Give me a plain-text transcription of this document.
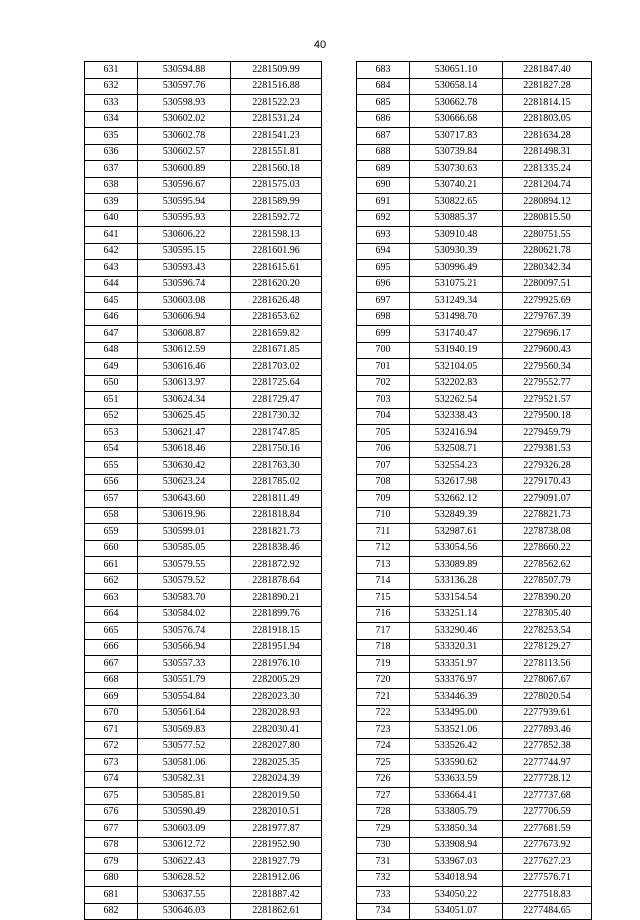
40
631	530594.88	2281509.99
632	530597.76	2281516.88
633	530598.93	2281522.23
634	530602.02	2281531.24
635	530602.78	2281541.23
636	530602.57	2281551.81
637	530600.89	2281560.18
638	530596.67	2281575.03
639	530595.94	2281589.99
640	530595.93	2281592.72
641	530606.22	2281598.13
642	530595.15	2281601.96
643	530593.43	2281615.61
644	530596.74	2281620.20
645	530603.08	2281626.48
646	530606.94	2281653.62
647	530608.87	2281659.82
648	530612.59	2281671.85
649	530616.46	2281703.02
650	530613.97	2281725.64
651	530624.34	2281729.47
652	530625.45	2281730.32
653	530621.47	2281747.85
654	530618.46	2281750.16
655	530630.42	2281763.30
656	530623.24	2281785.02
657	530643.60	2281811.49
658	530619.96	2281818.84
659	530599.01	2281821.73
660	530585.05	2281838.46
661	530579.55	2281872.92
662	530579.52	2281878.64
663	530583.70	2281890.21
664	530584.02	2281899.76
665	530576.74	2281918.15
666	530566.94	2281951.94
667	530557.33	2281976.10
668	530551.79	2282005.29
669	530554.84	2282023.30
670	530561.64	2282028.93
671	530569.83	2282030.41
672	530577.52	2282027.80
673	530581.06	2282025.35
674	530582.31	2282024.39
675	530585.81	2282019.50
676	530590.49	2282010.51
677	530603.09	2281977.87
678	530612.72	2281952.90
679	530622.43	2281927.79
680	530628.52	2281912.06
681	530637.55	2281887.42
682	530646.03	2281862.61
683	530651.10	2281847.40
684	530658.14	2281827.28
685	530662.78	2281814.15
686	530666.68	2281803.05
687	530717.83	2281634.28
688	530739.84	2281498.31
689	530730.63	2281335.24
690	530740.21	2281204.74
691	530822.65	2280894.12
692	530885.37	2280815.50
693	530910.48	2280751.55
694	530930.39	2280621.78
695	530996.49	2280342.34
696	531075.21	2280097.51
697	531249.34	2279925.69
698	531498.70	2279767.39
699	531740.47	2279696.17
700	531940.19	2279600.43
701	532104.05	2279560.34
702	532202.83	2279552.77
703	532262.54	2279521.57
704	532338.43	2279500.18
705	532416.94	2279459.79
706	532508.71	2279381.53
707	532554.23	2279326.28
708	532617.98	2279170.43
709	532662.12	2279091.07
710	532849.39	2278821.73
711	532987.61	2278738.08
712	533054.56	2278660.22
713	533089.89	2278562.62
714	533136.28	2278507.79
715	533154.54	2278390.20
716	533251.14	2278305.40
717	533290.46	2278253.54
718	533320.31	2278129.27
719	533351.97	2278113.56
720	533376.97	2278067.67
721	533446.39	2278020.54
722	533495.00	2277939.61
723	533521.06	2277893.46
724	533526.42	2277852.38
725	533590.62	2277744.97
726	533633.59	2277728.12
727	533664.41	2277737.68
728	533805.79	2277706.59
729	533850.34	2277681.59
730	533908.94	2277673.92
731	533967.03	2277627.23
732	534018.94	2277576.71
733	534050.22	2277518.83
734	534051.07	2277484.65
